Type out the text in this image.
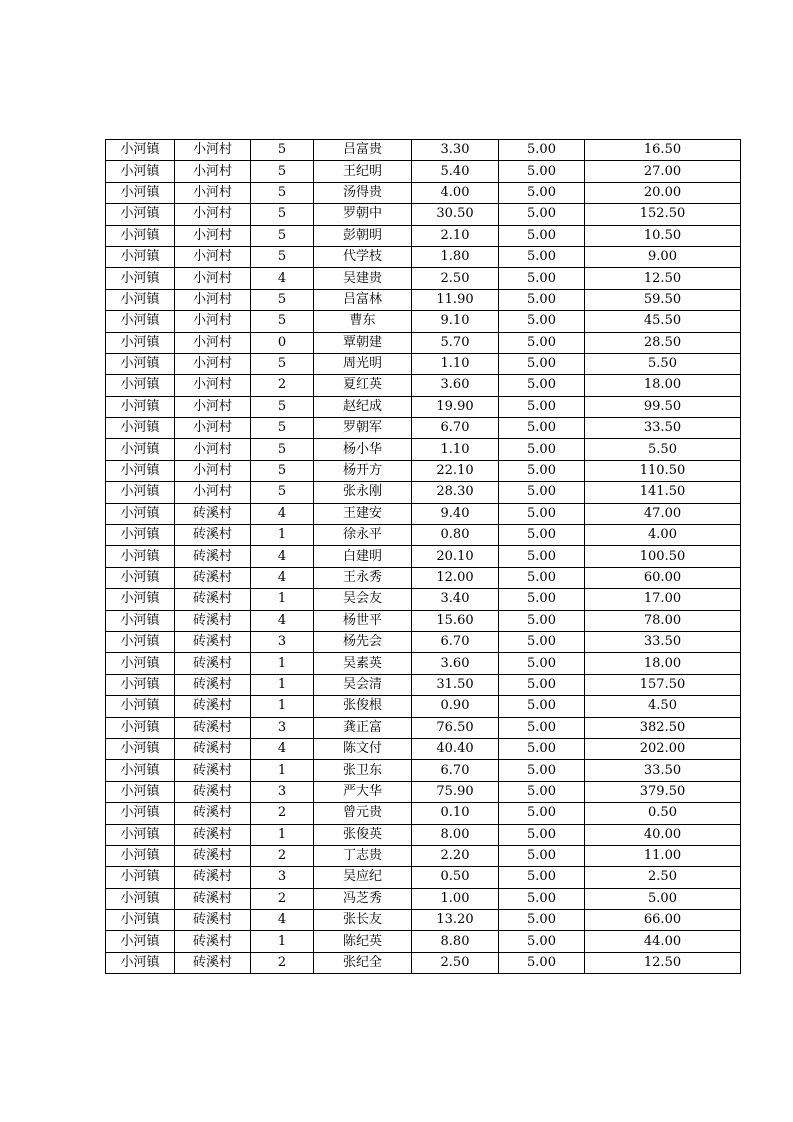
小河镇	小河村	5	吕富贵	3.30	5.00	16.50
小河镇	小河村	5	王纪明	5.40	5.00	27.00
小河镇	小河村	5	汤得贵	4.00	5.00	20.00
小河镇	小河村	5	罗朝中	30.50	5.00	152.50
小河镇	小河村	5	彭朝明	2.10	5.00	10.50
小河镇	小河村	5	代学枝	1.80	5.00	9.00
小河镇	小河村	4	吴建贵	2.50	5.00	12.50
小河镇	小河村	5	吕富林	11.90	5.00	59.50
小河镇	小河村	5	曹东	9.10	5.00	45.50
小河镇	小河村	0	覃朝建	5.70	5.00	28.50
小河镇	小河村	5	周光明	1.10	5.00	5.50
小河镇	小河村	2	夏红英	3.60	5.00	18.00
小河镇	小河村	5	赵纪成	19.90	5.00	99.50
小河镇	小河村	5	罗朝军	6.70	5.00	33.50
小河镇	小河村	5	杨小华	1.10	5.00	5.50
小河镇	小河村	5	杨开方	22.10	5.00	110.50
小河镇	小河村	5	张永刚	28.30	5.00	141.50
小河镇	砖溪村	4	王建安	9.40	5.00	47.00
小河镇	砖溪村	1	徐永平	0.80	5.00	4.00
小河镇	砖溪村	4	白建明	20.10	5.00	100.50
小河镇	砖溪村	4	王永秀	12.00	5.00	60.00
小河镇	砖溪村	1	吴会友	3.40	5.00	17.00
小河镇	砖溪村	4	杨世平	15.60	5.00	78.00
小河镇	砖溪村	3	杨先会	6.70	5.00	33.50
小河镇	砖溪村	1	吴素英	3.60	5.00	18.00
小河镇	砖溪村	1	吴会清	31.50	5.00	157.50
小河镇	砖溪村	1	张俊根	0.90	5.00	4.50
小河镇	砖溪村	3	龚正富	76.50	5.00	382.50
小河镇	砖溪村	4	陈文付	40.40	5.00	202.00
小河镇	砖溪村	1	张卫东	6.70	5.00	33.50
小河镇	砖溪村	3	严大华	75.90	5.00	379.50
小河镇	砖溪村	2	曾元贵	0.10	5.00	0.50
小河镇	砖溪村	1	张俊英	8.00	5.00	40.00
小河镇	砖溪村	2	丁志贵	2.20	5.00	11.00
小河镇	砖溪村	3	吴应纪	0.50	5.00	2.50
小河镇	砖溪村	2	冯芝秀	1.00	5.00	5.00
小河镇	砖溪村	4	张长友	13.20	5.00	66.00
小河镇	砖溪村	1	陈纪英	8.80	5.00	44.00
小河镇	砖溪村	2	张纪全	2.50	5.00	12.50
